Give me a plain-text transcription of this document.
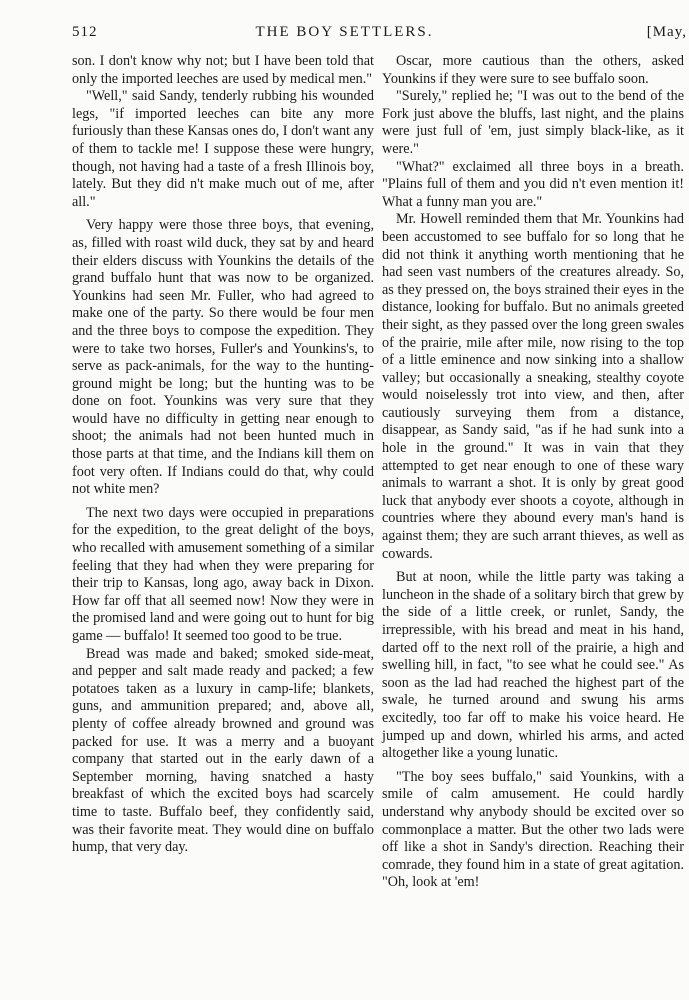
512	THE BOY SETTLERS.	[May,

son. I don't know why not; but I have been told that only the imported leeches are used by medical men."

"Well," said Sandy, tenderly rubbing his wounded legs, "if imported leeches can bite any more furiously than these Kansas ones do, I don't want any of them to tackle me! I suppose these were hungry, though, not having had a taste of a fresh Illinois boy, lately. But they did n't make much out of me, after all."

Very happy were those three boys, that evening, as, filled with roast wild duck, they sat by and heard their elders discuss with Younkins the details of the grand buffalo hunt that was now to be organized. Younkins had seen Mr. Fuller, who had agreed to make one of the party. So there would be four men and the three boys to compose the expedition. They were to take two horses, Fuller's and Younkins's, to serve as pack-animals, for the way to the hunting-ground might be long; but the hunting was to be done on foot. Younkins was very sure that they would have no difficulty in getting near enough to shoot; the animals had not been hunted much in those parts at that time, and the Indians kill them on foot very often. If Indians could do that, why could not white men?

The next two days were occupied in preparations for the expedition, to the great delight of the boys, who recalled with amusement something of a similar feeling that they had when they were preparing for their trip to Kansas, long ago, away back in Dixon. How far off that all seemed now! Now they were in the promised land and were going out to hunt for big game — buffalo! It seemed too good to be true.

Bread was made and baked; smoked side-meat, and pepper and salt made ready and packed; a few potatoes taken as a luxury in camp-life; blankets, guns, and ammunition prepared; and, above all, plenty of coffee already browned and ground was packed for use. It was a merry and a buoyant company that started out in the early dawn of a September morning, having snatched a hasty breakfast of which the excited boys had scarcely time to taste. Buffalo beef, they confidently said, was their favorite meat. They would dine on buffalo hump, that very day.

Oscar, more cautious than the others, asked Younkins if they were sure to see buffalo soon.

"Surely," replied he; "I was out to the bend of the Fork just above the bluffs, last night, and the plains were just full of 'em, just simply black-like, as it were."

"What?" exclaimed all three boys in a breath. "Plains full of them and you did n't even mention it! What a funny man you are."

Mr. Howell reminded them that Mr. Younkins had been accustomed to see buffalo for so long that he did not think it anything worth mentioning that he had seen vast numbers of the creatures already. So, as they pressed on, the boys strained their eyes in the distance, looking for buffalo. But no animals greeted their sight, as they passed over the long green swales of the prairie, mile after mile, now rising to the top of a little eminence and now sinking into a shallow valley; but occasionally a sneaking, stealthy coyote would noiselessly trot into view, and then, after cautiously surveying them from a distance, disappear, as Sandy said, "as if he had sunk into a hole in the ground." It was in vain that they attempted to get near enough to one of these wary animals to warrant a shot. It is only by great good luck that anybody ever shoots a coyote, although in countries where they abound every man's hand is against them; they are such arrant thieves, as well as cowards.

But at noon, while the little party was taking a luncheon in the shade of a solitary birch that grew by the side of a little creek, or runlet, Sandy, the irrepressible, with his bread and meat in his hand, darted off to the next roll of the prairie, a high and swelling hill, in fact, "to see what he could see." As soon as the lad had reached the highest part of the swale, he turned around and swung his arms excitedly, too far off to make his voice heard. He jumped up and down, whirled his arms, and acted altogether like a young lunatic.

"The boy sees buffalo," said Younkins, with a smile of calm amusement. He could hardly understand why anybody should be excited over so commonplace a matter. But the other two lads were off like a shot in Sandy's direction. Reaching their comrade, they found him in a state of great agitation. "Oh, look at 'em!
